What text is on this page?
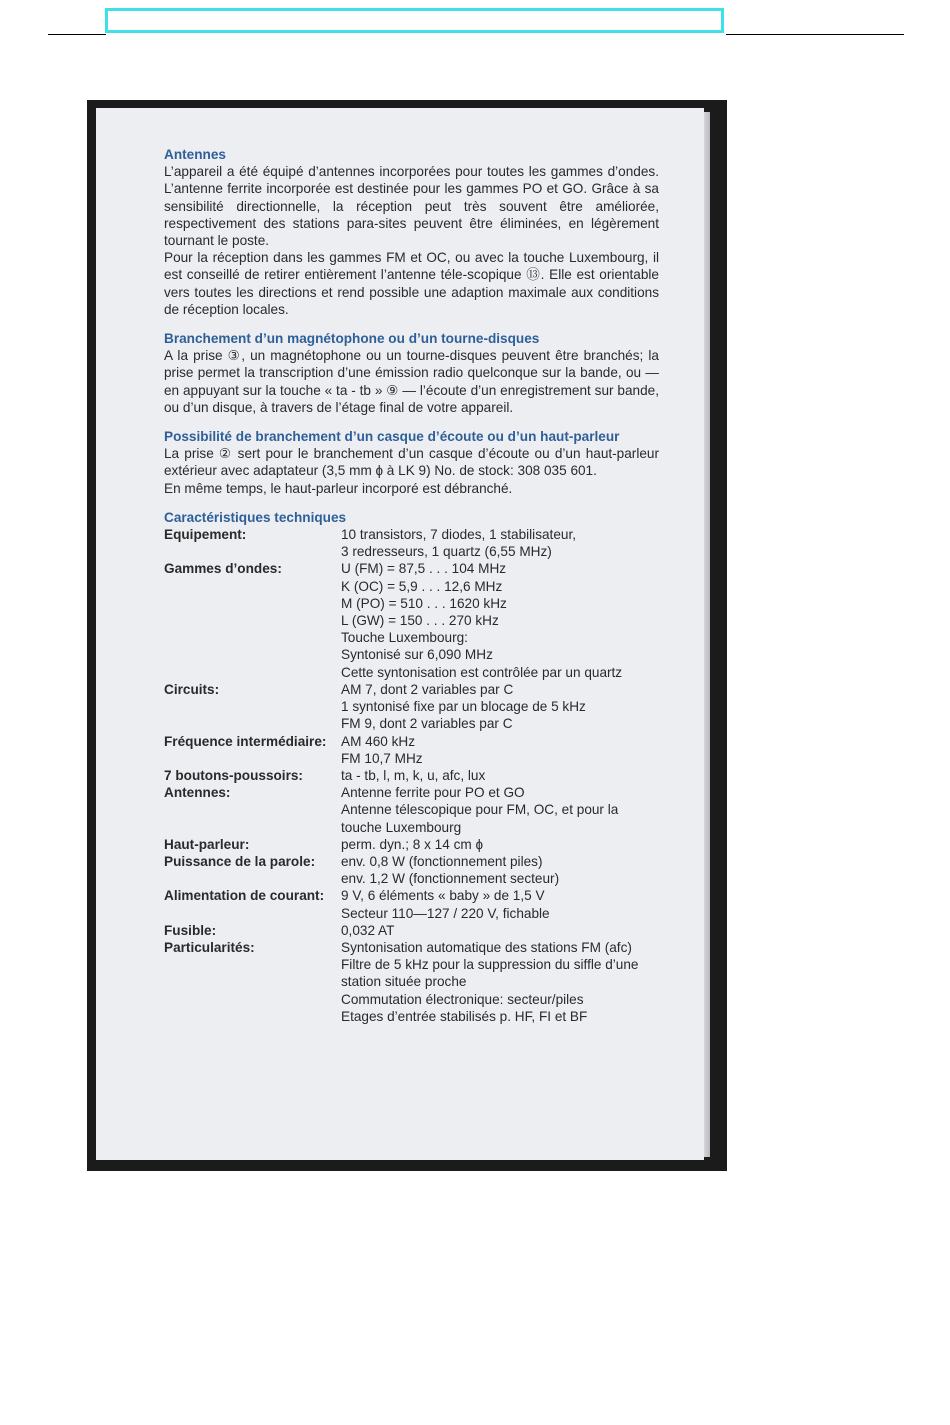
Antennes

L’appareil a été équipé d’antennes incorporées pour toutes les gammes d’ondes. L’antenne ferrite incorporée est destinée pour les gammes PO et GO. Grâce à sa sensibilité directionnelle, la réception peut très souvent être améliorée, respectivement des stations para-sites peuvent être éliminées, en légèrement tournant le poste.

Pour la réception dans les gammes FM et OC, ou avec la touche Luxembourg, il est conseillé de retirer entièrement l’antenne téle-scopique ⑬. Elle est orientable vers toutes les directions et rend possible une adaption maximale aux conditions de réception locales.

Branchement d’un magnétophone ou d’un tourne-disques

A la prise ③, un magnétophone ou un tourne-disques peuvent être branchés; la prise permet la transcription d’une émission radio quelconque sur la bande, ou — en appuyant sur la touche « ta - tb » ⑨ — l’écoute d’un enregistrement sur bande, ou d’un disque, à travers de l’étage final de votre appareil.

Possibilité de branchement d’un casque d’écoute ou d’un haut-parleur

La prise ② sert pour le branchement d’un casque d’écoute ou d’un haut-parleur extérieur avec adaptateur (3,5 mm ɸ à LK 9) No. de stock: 308 035 601.

En même temps, le haut-parleur incorporé est débranché.

Caractéristiques techniques
Equipement:	10 transistors, 7 diodes, 1 stabilisateur,
3 redresseurs, 1 quartz (6,55 MHz)
Gammes d’ondes:	U (FM) = 87,5 . . . 104 MHz
K (OC) = 5,9 . . . 12,6 MHz
M (PO) = 510 . . . 1620 kHz
L (GW) = 150 . . . 270 kHz
Touche Luxembourg:
Syntonisé sur 6,090 MHz
Cette syntonisation est contrôlée par un quartz
Circuits:	AM 7, dont 2 variables par C
1 syntonisé fixe par un blocage de 5 kHz
FM 9, dont 2 variables par C
Fréquence intermédiaire:	AM 460 kHz
FM 10,7 MHz
7 boutons-poussoirs:	ta - tb, l, m, k, u, afc, lux
Antennes:	Antenne ferrite pour PO et GO
Antenne télescopique pour FM, OC, et pour la touche Luxembourg
Haut-parleur:	perm. dyn.; 8 x 14 cm ɸ
Puissance de la parole:	env. 0,8 W (fonctionnement piles)
env. 1,2 W (fonctionnement secteur)
Alimentation de courant:	9 V, 6 éléments « baby » de 1,5 V
Secteur 110—127 / 220 V, fichable
Fusible:	0,032 AT
Particularités:	Syntonisation automatique des stations FM (afc)
Filtre de 5 kHz pour la suppression du siffle d’une station située proche
Commutation électronique: secteur/piles
Etages d’entrée stabilisés p. HF, FI et BF
